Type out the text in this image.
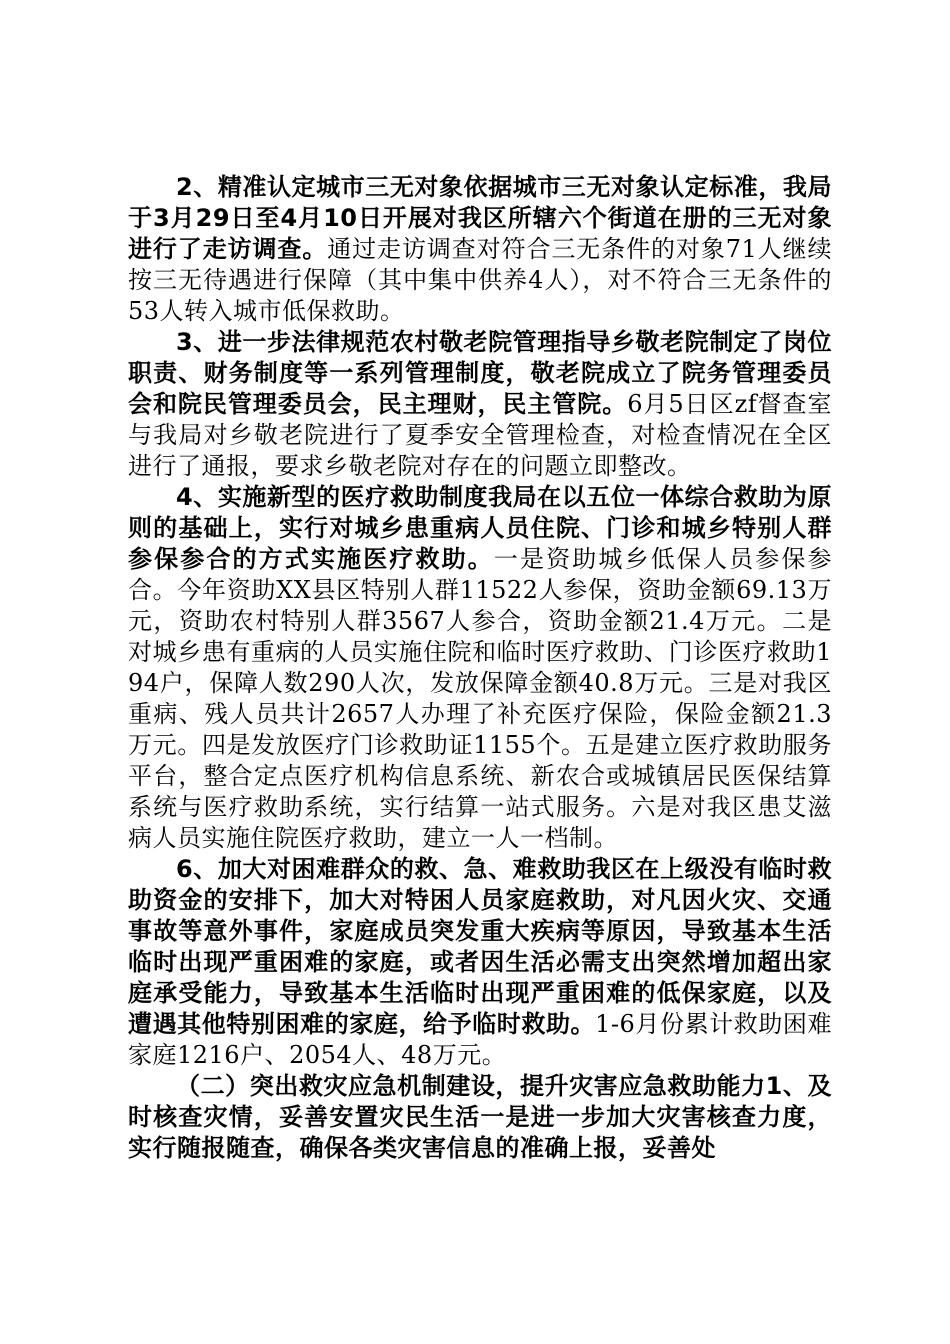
2、精准认定城市三无对象依据城市三无对象认定标准，我局于3月29日至4月10日开展对我区所辖六个街道在册的三无对象进行了走访调查。通过走访调查对符合三无条件的对象71人继续按三无待遇进行保障（其中集中供养4人），对不符合三无条件的53人转入城市低保救助。

3、进一步法律规范农村敬老院管理指导乡敬老院制定了岗位职责、财务制度等一系列管理制度，敬老院成立了院务管理委员会和院民管理委员会，民主理财，民主管院。6月5日区zf督查室与我局对乡敬老院进行了夏季安全管理检查，对检查情况在全区进行了通报，要求乡敬老院对存在的问题立即整改。

4、实施新型的医疗救助制度我局在以五位一体综合救助为原则的基础上，实行对城乡患重病人员住院、门诊和城乡特别人群参保参合的方式实施医疗救助。一是资助城乡低保人员参保参合。今年资助XX县区特别人群11522人参保，资助金额69.13万元，资助农村特别人群3567人参合，资助金额21.4万元。二是对城乡患有重病的人员实施住院和临时医疗救助、门诊医疗救助194户，保障人数290人次，发放保障金额40.8万元。三是对我区重病、残人员共计2657人办理了补充医疗保险，保险金额21.3万元。四是发放医疗门诊救助证1155个。五是建立医疗救助服务平台，整合定点医疗机构信息系统、新农合或城镇居民医保结算系统与医疗救助系统，实行结算一站式服务。六是对我区患艾滋病人员实施住院医疗救助，建立一人一档制。

6、加大对困难群众的救、急、难救助我区在上级没有临时救助资金的安排下，加大对特困人员家庭救助，对凡因火灾、交通事故等意外事件，家庭成员突发重大疾病等原因，导致基本生活临时出现严重困难的家庭，或者因生活必需支出突然增加超出家庭承受能力，导致基本生活临时出现严重困难的低保家庭，以及遭遇其他特别困难的家庭，给予临时救助。1-6月份累计救助困难家庭1216户、2054人、48万元。

（二）突出救灾应急机制建设，提升灾害应急救助能力1、及时核查灾情，妥善安置灾民生活一是进一步加大灾害核查力度，实行随报随查，确保各类灾害信息的准确上报，妥善处
